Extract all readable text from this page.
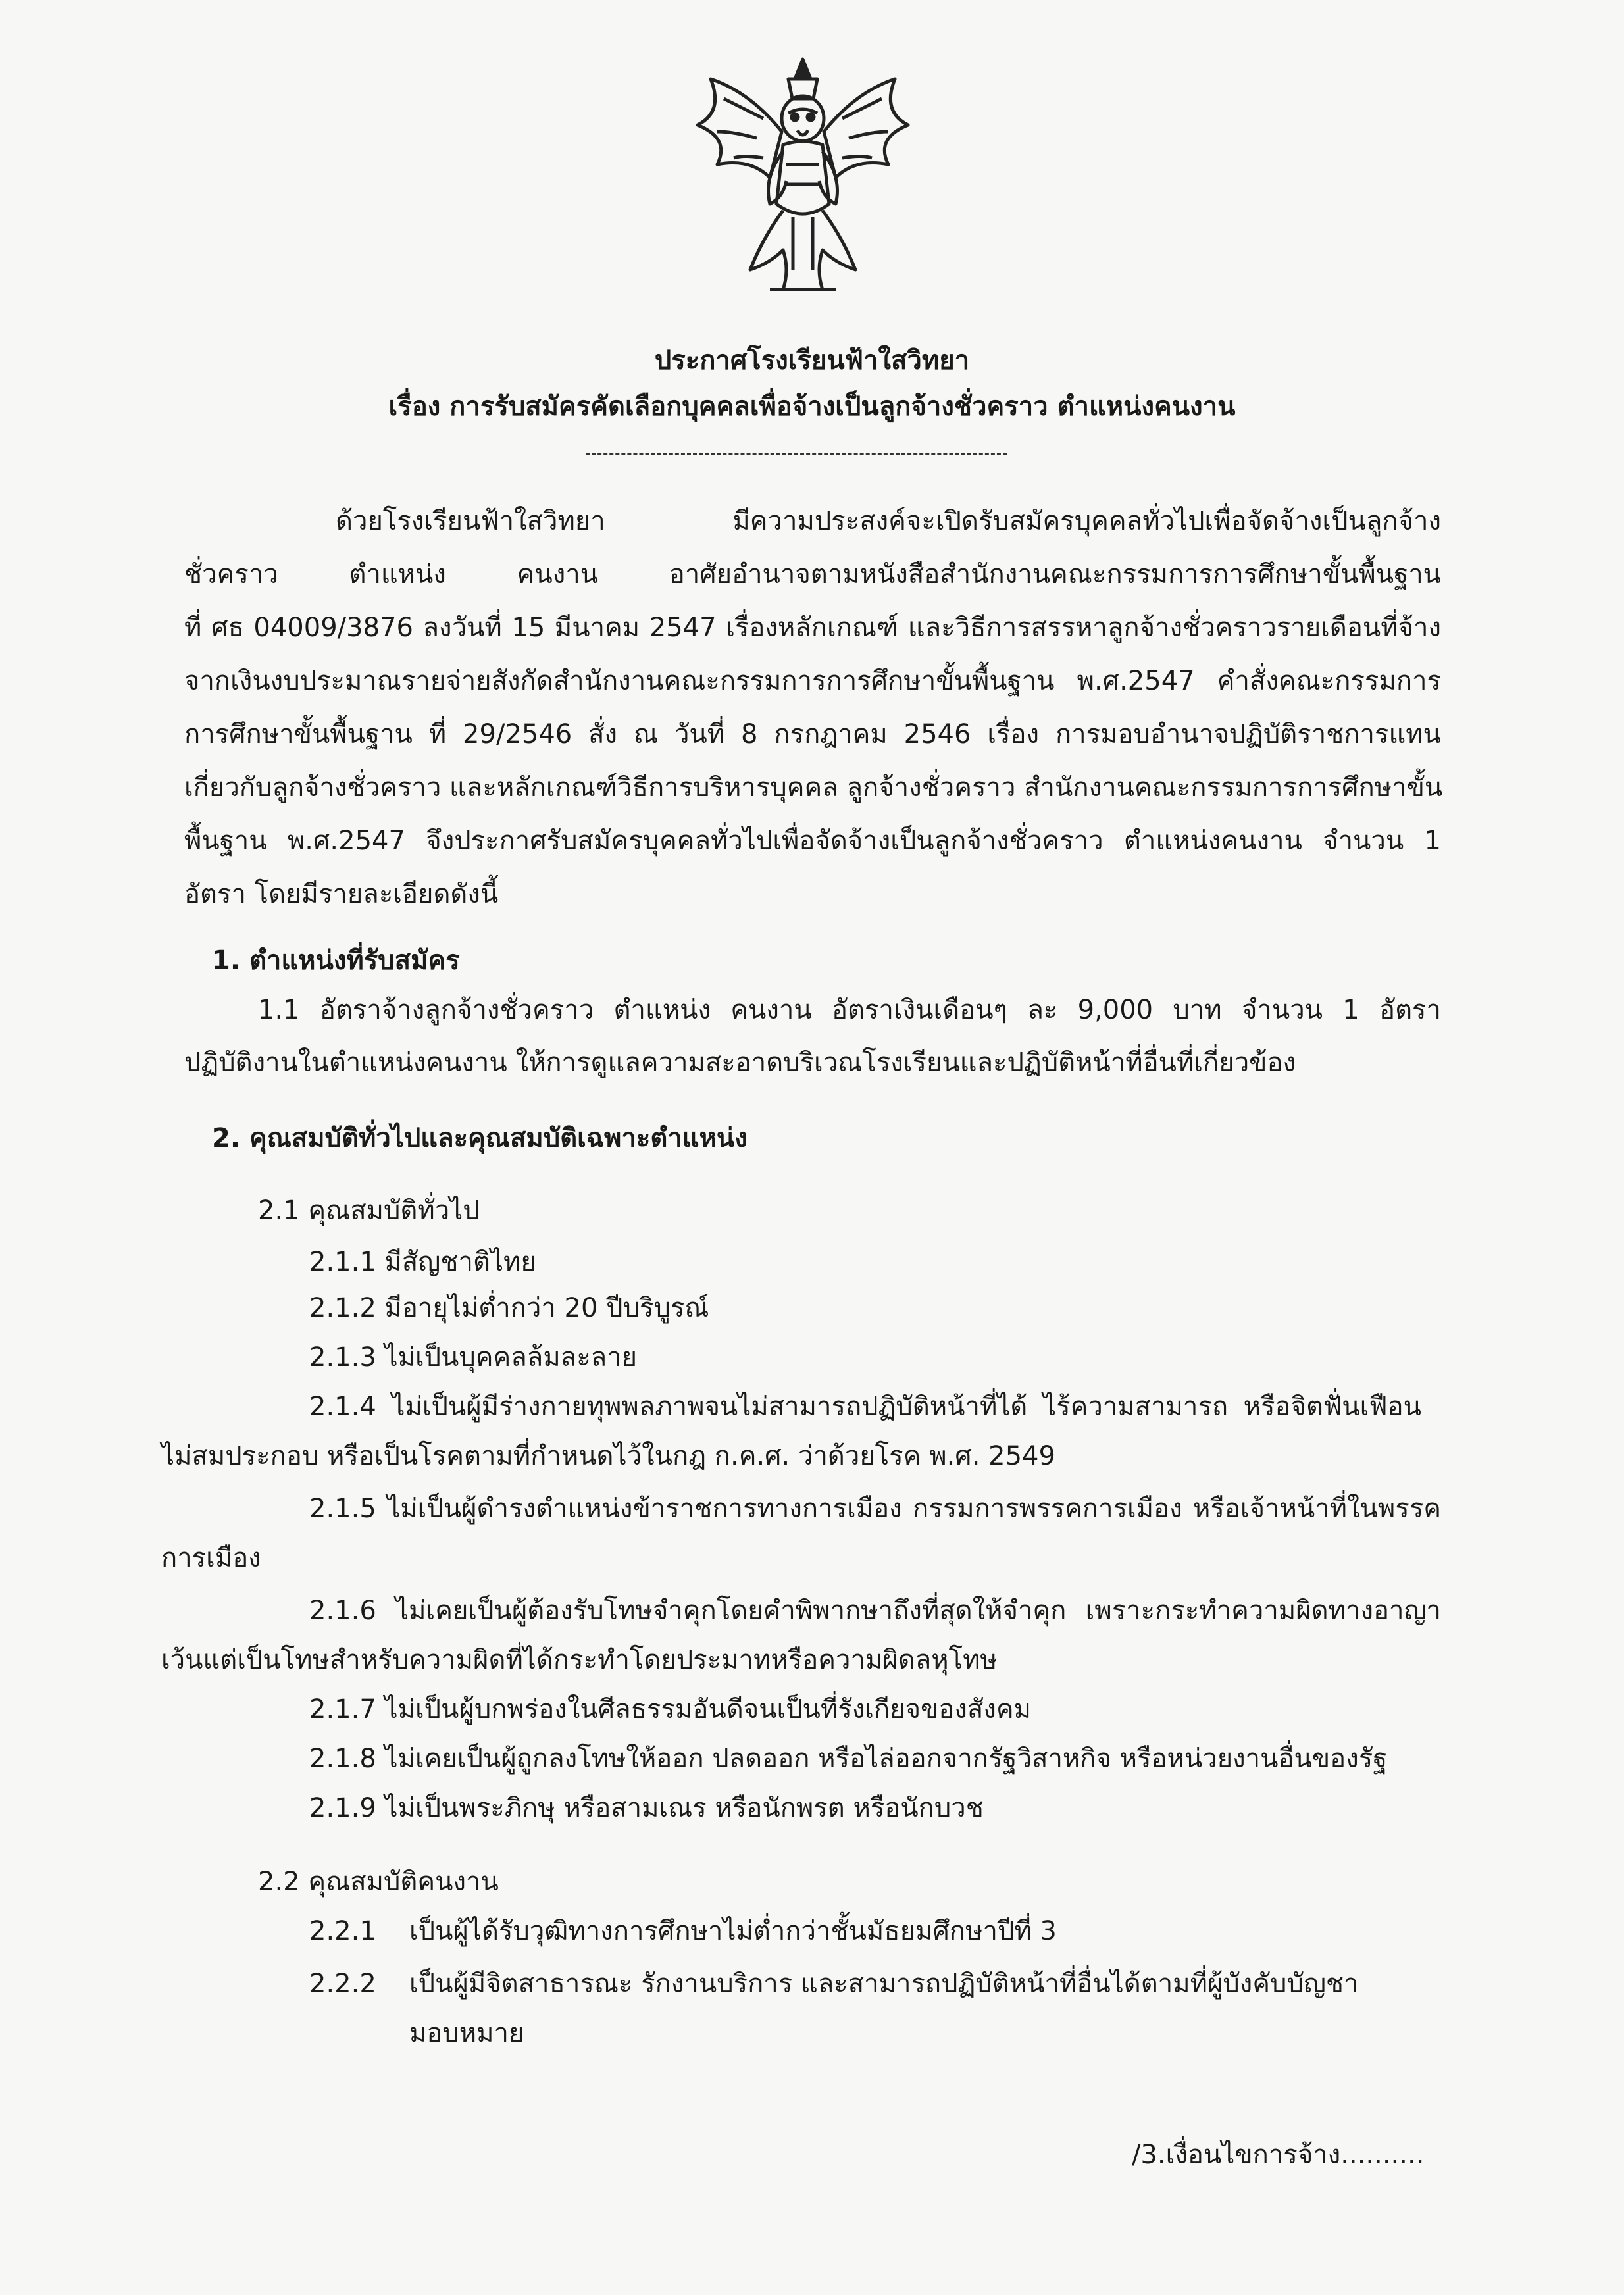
ประกาศโรงเรียนฟ้าใสวิทยา
เรื่อง การรับสมัครคัดเลือกบุคคลเพื่อจ้างเป็นลูกจ้างชั่วคราว ตำแหน่งคนงาน
ด้วยโรงเรียนฟ้าใสวิทยา มีความประสงค์จะเปิดรับสมัครบุคคลทั่วไปเพื่อจัดจ้างเป็นลูกจ้าง
ชั่วคราว ตำแหน่ง คนงาน อาศัยอำนาจตามหนังสือสำนักงานคณะกรรมการการศึกษาขั้นพื้นฐาน
ที่ ศธ 04009/3876 ลงวันที่ 15 มีนาคม 2547 เรื่องหลักเกณฑ์ และวิธีการสรรหาลูกจ้างชั่วคราวรายเดือนที่จ้าง
จากเงินงบประมาณรายจ่ายสังกัดสำนักงานคณะกรรมการการศึกษาขั้นพื้นฐาน พ.ศ.2547 คำสั่งคณะกรรมการ
การศึกษาขั้นพื้นฐาน ที่ 29/2546 สั่ง ณ วันที่ 8 กรกฎาคม 2546 เรื่อง การมอบอำนาจปฏิบัติราชการแทน
เกี่ยวกับลูกจ้างชั่วคราว และหลักเกณฑ์วิธีการบริหารบุคคล ลูกจ้างชั่วคราว สำนักงานคณะกรรมการการศึกษาขั้น
พื้นฐาน พ.ศ.2547 จึงประกาศรับสมัครบุคคลทั่วไปเพื่อจัดจ้างเป็นลูกจ้างชั่วคราว ตำแหน่งคนงาน จำนวน 1
อัตรา โดยมีรายละเอียดดังนี้
1. ตำแหน่งที่รับสมัคร
1.1 อัตราจ้างลูกจ้างชั่วคราว ตำแหน่ง คนงาน อัตราเงินเดือนๆ ละ 9,000 บาท จำนวน 1 อัตรา
ปฏิบัติงานในตำแหน่งคนงาน ให้การดูแลความสะอาดบริเวณโรงเรียนและปฏิบัติหน้าที่อื่นที่เกี่ยวข้อง
2. คุณสมบัติทั่วไปและคุณสมบัติเฉพาะตำแหน่ง
2.1 คุณสมบัติทั่วไป
2.1.1 มีสัญชาติไทย
2.1.2 มีอายุไม่ต่ำกว่า 20 ปีบริบูรณ์
2.1.3 ไม่เป็นบุคคลล้มละลาย
2.1.4 ไม่เป็นผู้มีร่างกายทุพพลภาพจนไม่สามารถปฏิบัติหน้าที่ได้ ไร้ความสามารถ หรือจิตฟั่นเฟือน
ไม่สมประกอบ หรือเป็นโรคตามที่กำหนดไว้ในกฎ ก.ค.ศ. ว่าด้วยโรค พ.ศ. 2549
2.1.5 ไม่เป็นผู้ดำรงตำแหน่งข้าราชการทางการเมือง กรรมการพรรคการเมือง หรือเจ้าหน้าที่ในพรรค
การเมือง
2.1.6 ไม่เคยเป็นผู้ต้องรับโทษจำคุกโดยคำพิพากษาถึงที่สุดให้จำคุก เพราะกระทำความผิดทางอาญา
เว้นแต่เป็นโทษสำหรับความผิดที่ได้กระทำโดยประมาทหรือความผิดลหุโทษ
2.1.7 ไม่เป็นผู้บกพร่องในศีลธรรมอันดีจนเป็นที่รังเกียจของสังคม
2.1.8 ไม่เคยเป็นผู้ถูกลงโทษให้ออก ปลดออก หรือไล่ออกจากรัฐวิสาหกิจ หรือหน่วยงานอื่นของรัฐ
2.1.9 ไม่เป็นพระภิกษุ หรือสามเณร หรือนักพรต หรือนักบวช
2.2 คุณสมบัติคนงาน
2.2.1 เป็นผู้ได้รับวุฒิทางการศึกษาไม่ต่ำกว่าชั้นมัธยมศึกษาปีที่ 3
2.2.2 เป็นผู้มีจิตสาธารณะ รักงานบริการ และสามารถปฏิบัติหน้าที่อื่นได้ตามที่ผู้บังคับบัญชา
มอบหมาย
/3.เงื่อนไขการจ้าง..........
